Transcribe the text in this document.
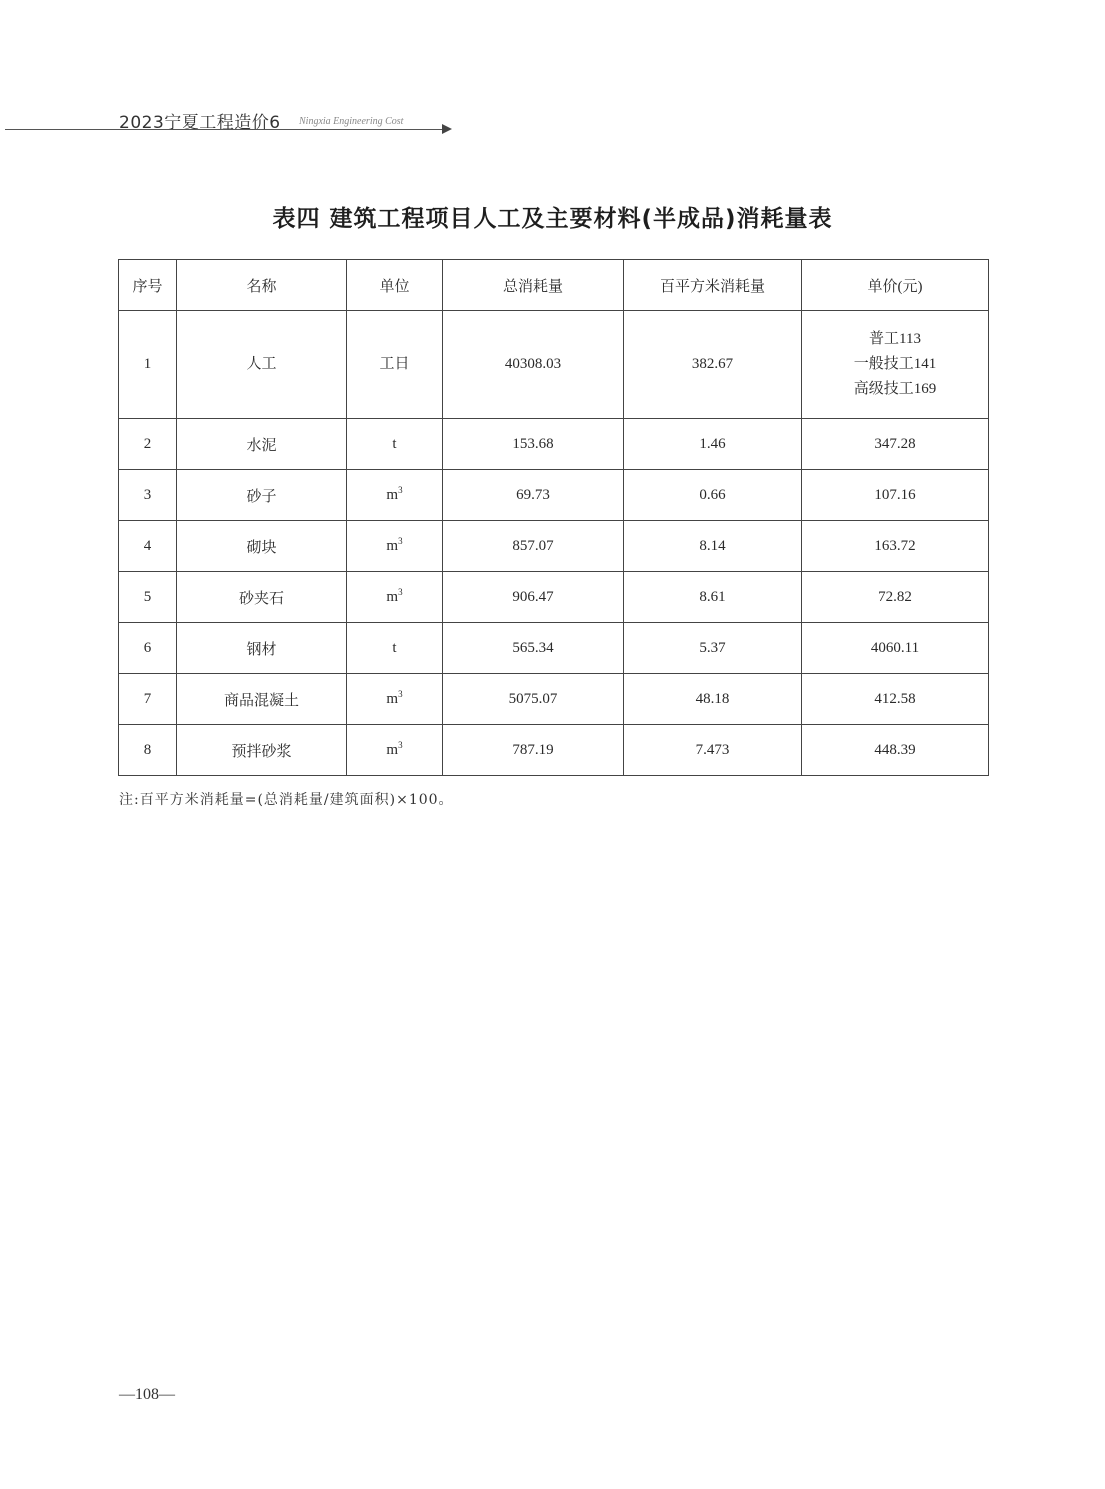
2023宁夏工程造价6 Ningxia Engineering Cost
表四 建筑工程项目人工及主要材料(半成品)消耗量表
序号	名称	单位	总消耗量	百平方米消耗量	单价(元)
1	人工	工日	40308.03	382.67	普工113
一般技工141
高级技工169

2	水泥	t	153.68	1.46	347.28
3	砂子	$m^3$	69.73	0.66	107.16
4	砌块	$m^3$	857.07	8.14	163.72
5	砂夹石	$m^3$	906.47	8.61	72.82
6	钢材	t	565.34	5.37	4060.11
7	商品混凝土	$m^3$	5075.07	48.18	412.58
8	预拌砂浆	$m^3$	787.19	7.473	448.39
注:百平方米消耗量=(总消耗量/建筑面积)×100。
—108—
